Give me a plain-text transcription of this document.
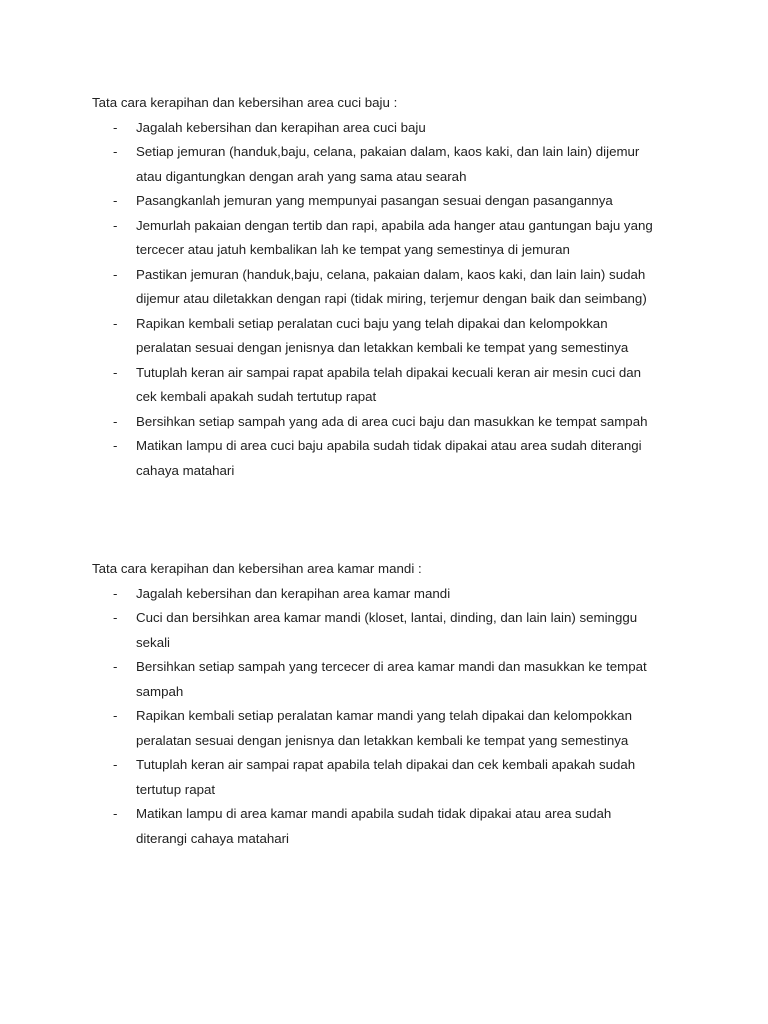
Tata cara kerapihan dan kebersihan area cuci baju :
- Jagalah kebersihan dan kerapihan area cuci baju
- Setiap jemuran (handuk,baju, celana, pakaian dalam, kaos kaki, dan lain lain) dijemur
atau digantungkan dengan arah yang sama atau searah
- Pasangkanlah jemuran yang mempunyai pasangan sesuai dengan pasangannya
- Jemurlah pakaian dengan tertib dan rapi, apabila ada hanger atau gantungan baju yang
tercecer atau jatuh kembalikan lah ke tempat yang semestinya di jemuran
- Pastikan jemuran (handuk,baju, celana, pakaian dalam, kaos kaki, dan lain lain) sudah
dijemur atau diletakkan dengan rapi (tidak miring, terjemur dengan baik dan seimbang)
- Rapikan kembali setiap peralatan cuci baju yang telah dipakai dan kelompokkan
peralatan sesuai dengan jenisnya dan letakkan kembali ke tempat yang semestinya
- Tutuplah keran air sampai rapat apabila telah dipakai kecuali keran air mesin cuci dan
cek kembali apakah sudah tertutup rapat
- Bersihkan setiap sampah yang ada di area cuci baju dan masukkan ke tempat sampah
- Matikan lampu di area cuci baju apabila sudah tidak dipakai atau area sudah diterangi
cahaya matahari
Tata cara kerapihan dan kebersihan area kamar mandi :
- Jagalah kebersihan dan kerapihan area kamar mandi
- Cuci dan bersihkan area kamar mandi (kloset, lantai, dinding, dan lain lain) seminggu
sekali
- Bersihkan setiap sampah yang tercecer di area kamar mandi dan masukkan ke tempat
sampah
- Rapikan kembali setiap peralatan kamar mandi yang telah dipakai dan kelompokkan
peralatan sesuai dengan jenisnya dan letakkan kembali ke tempat yang semestinya
- Tutuplah keran air sampai rapat apabila telah dipakai dan cek kembali apakah sudah
tertutup rapat
- Matikan lampu di area kamar mandi apabila sudah tidak dipakai atau area sudah
diterangi cahaya matahari
